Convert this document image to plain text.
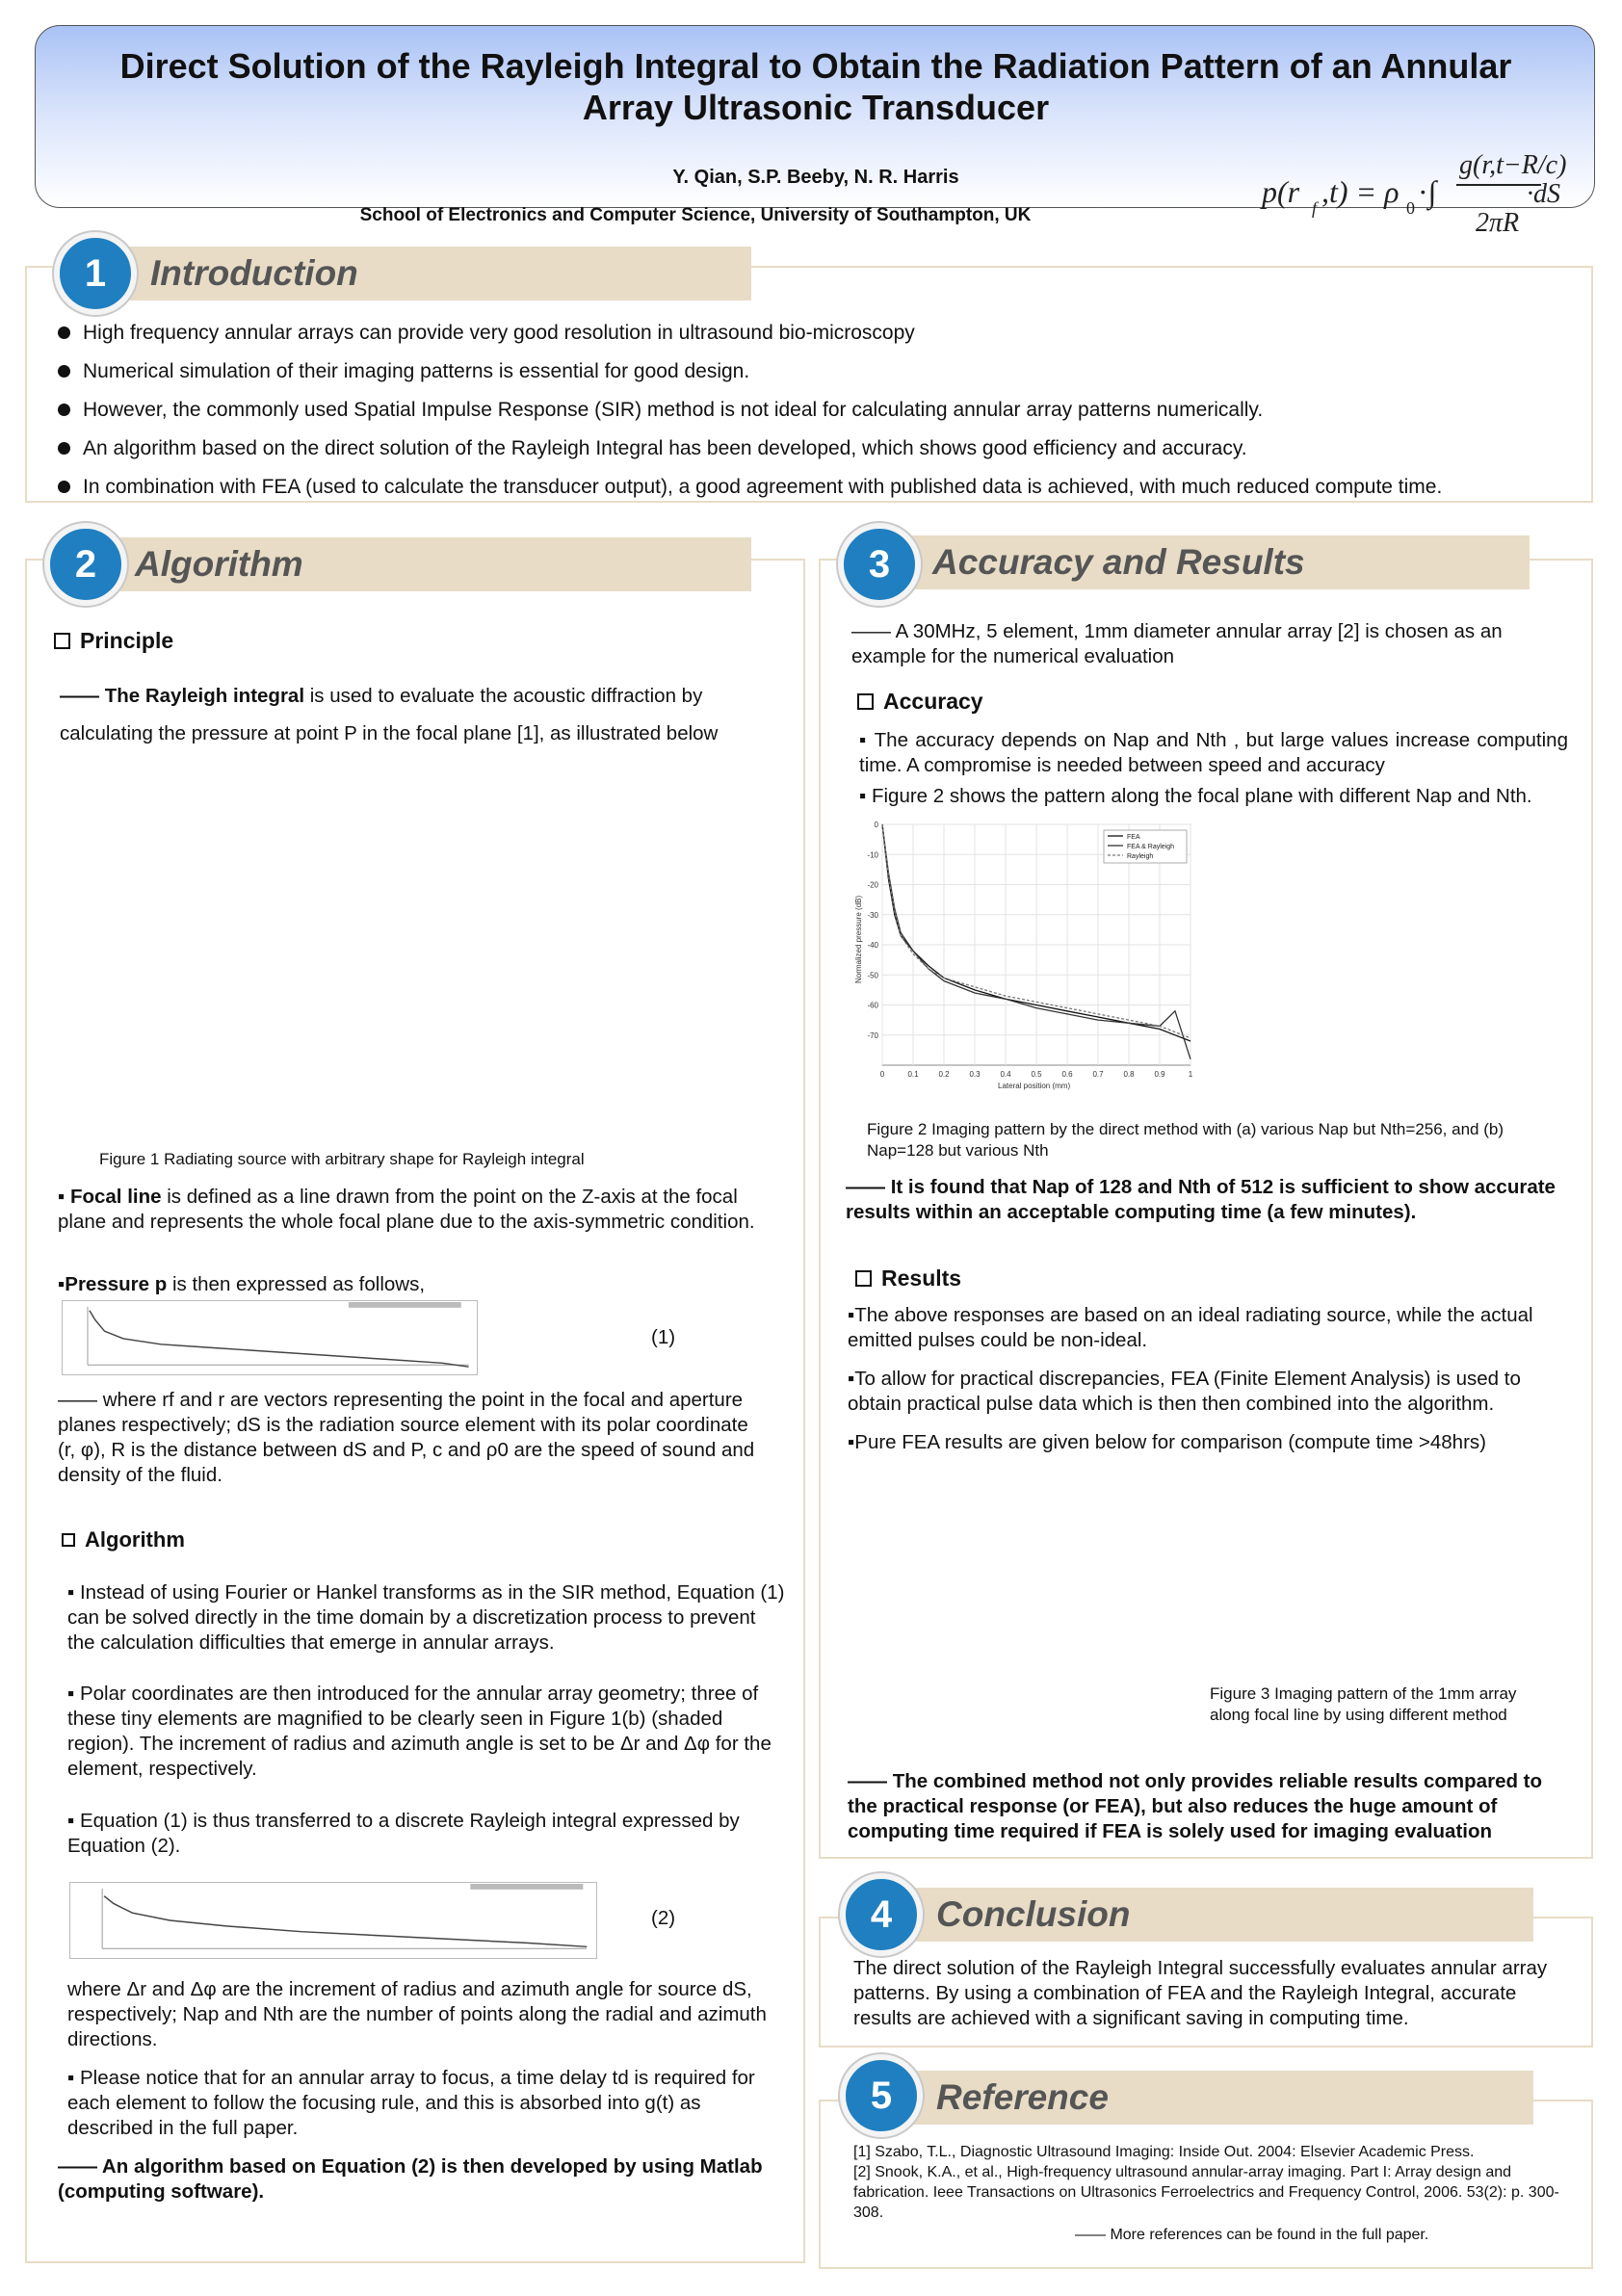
Direct Solution of the Rayleigh Integral to Obtain the Radiation Pattern of an Annular Array Ultrasonic Transducer
Y. Qian, S.P. Beeby, N. R. Harris
School of Electronics and Computer Science, University of Southampton, UK
p(r f ,t) = ρ 0 ·∫
g(r,t−R/c)
2πR
·dS
Introduction
1
High frequency annular arrays can provide very good resolution in ultrasound bio-microscopy
Numerical simulation of their imaging patterns is essential for good design.
However, the commonly used Spatial Impulse Response (SIR) method is not ideal for calculating annular array patterns numerically.
An algorithm based on the direct solution of the Rayleigh Integral has been developed, which shows good efficiency and accuracy.
In combination with FEA (used to calculate the transducer output), a good agreement with published data is achieved, with much reduced compute time.
Algorithm
2
Principle
—— The Rayleigh integral is used to evaluate the acoustic diffraction by calculating the pressure at point P in the focal plane [1], as illustrated below
Figure 1 Radiating source with arbitrary shape for Rayleigh integral
▪ Focal line is defined as a line drawn from the point on the Z-axis at the focal plane and represents the whole focal plane due to the axis-symmetric condition.
▪Pressure p is then expressed as follows,
(1)
—— where rf and r are vectors representing the point in the focal and aperture planes respectively; dS is the radiation source element with its polar coordinate (r, φ), R is the distance between dS and P, c and ρ0 are the speed of sound and density of the fluid.
Algorithm
▪ Instead of using Fourier or Hankel transforms as in the SIR method, Equation (1) can be solved directly in the time domain by a discretization process to prevent the calculation difficulties that emerge in annular arrays.
▪ Polar coordinates are then introduced for the annular array geometry; three of these tiny elements are magnified to be clearly seen in Figure 1(b) (shaded region). The increment of radius and azimuth angle is set to be Δr and Δφ for the element, respectively.
▪ Equation (1) is thus transferred to a discrete Rayleigh integral expressed by Equation (2).
(2)
where Δr and Δφ are the increment of radius and azimuth angle for source dS, respectively; Nap and Nth are the number of points along the radial and azimuth directions.
▪ Please notice that for an annular array to focus, a time delay td is required for each element to follow the focusing rule, and this is absorbed into g(t) as described in the full paper.
—— An algorithm based on Equation (2) is then developed by using Matlab (computing software).
Accuracy and Results
3
—— A 30MHz, 5 element, 1mm diameter annular array [2] is chosen as an example for the numerical evaluation
Accuracy
▪ The accuracy depends on Nap and Nth , but large values increase computing time. A compromise is needed between speed and accuracy
▪ Figure 2 shows the pattern along the focal plane with different Nap and Nth.
0	0.1	0.2	0.3	0.4	0.5	0.6	0.7	0.8	0.9	1
0
-10
-20
-30
-40
-50
-60
-70
Lateral position (mm)
Normalized pressure (dB)
FEA
FEA & Rayleigh
Rayleigh
Figure 2 Imaging pattern by the direct method with (a) various Nap but Nth=256, and (b) Nap=128 but various Nth
—— It is found that Nap of 128 and Nth of 512 is sufficient to show accurate results within an acceptable computing time (a few minutes).
Results
▪The above responses are based on an ideal radiating source, while the actual emitted pulses could be non-ideal.
▪To allow for practical discrepancies, FEA (Finite Element Analysis) is used to obtain practical pulse data which is then then combined into the algorithm.
▪Pure FEA results are given below for comparison (compute time >48hrs)
Figure 3 Imaging pattern of the 1mm array along focal line by using different method
—— The combined method not only provides reliable results compared to the practical response (or FEA), but also reduces the huge amount of computing time required if FEA is solely used for imaging evaluation
Conclusion
4
The direct solution of the Rayleigh Integral successfully evaluates annular array patterns. By using a combination of FEA and the Rayleigh Integral, accurate results are achieved with a significant saving in computing time.
Reference
5
[1] Szabo, T.L., Diagnostic Ultrasound Imaging: Inside Out. 2004: Elsevier Academic Press.
[2] Snook, K.A., et al., High-frequency ultrasound annular-array imaging. Part I: Array design and fabrication. Ieee Transactions on Ultrasonics Ferroelectrics and Frequency Control, 2006. 53(2): p. 300-308.
—— More references can be found in the full paper.
